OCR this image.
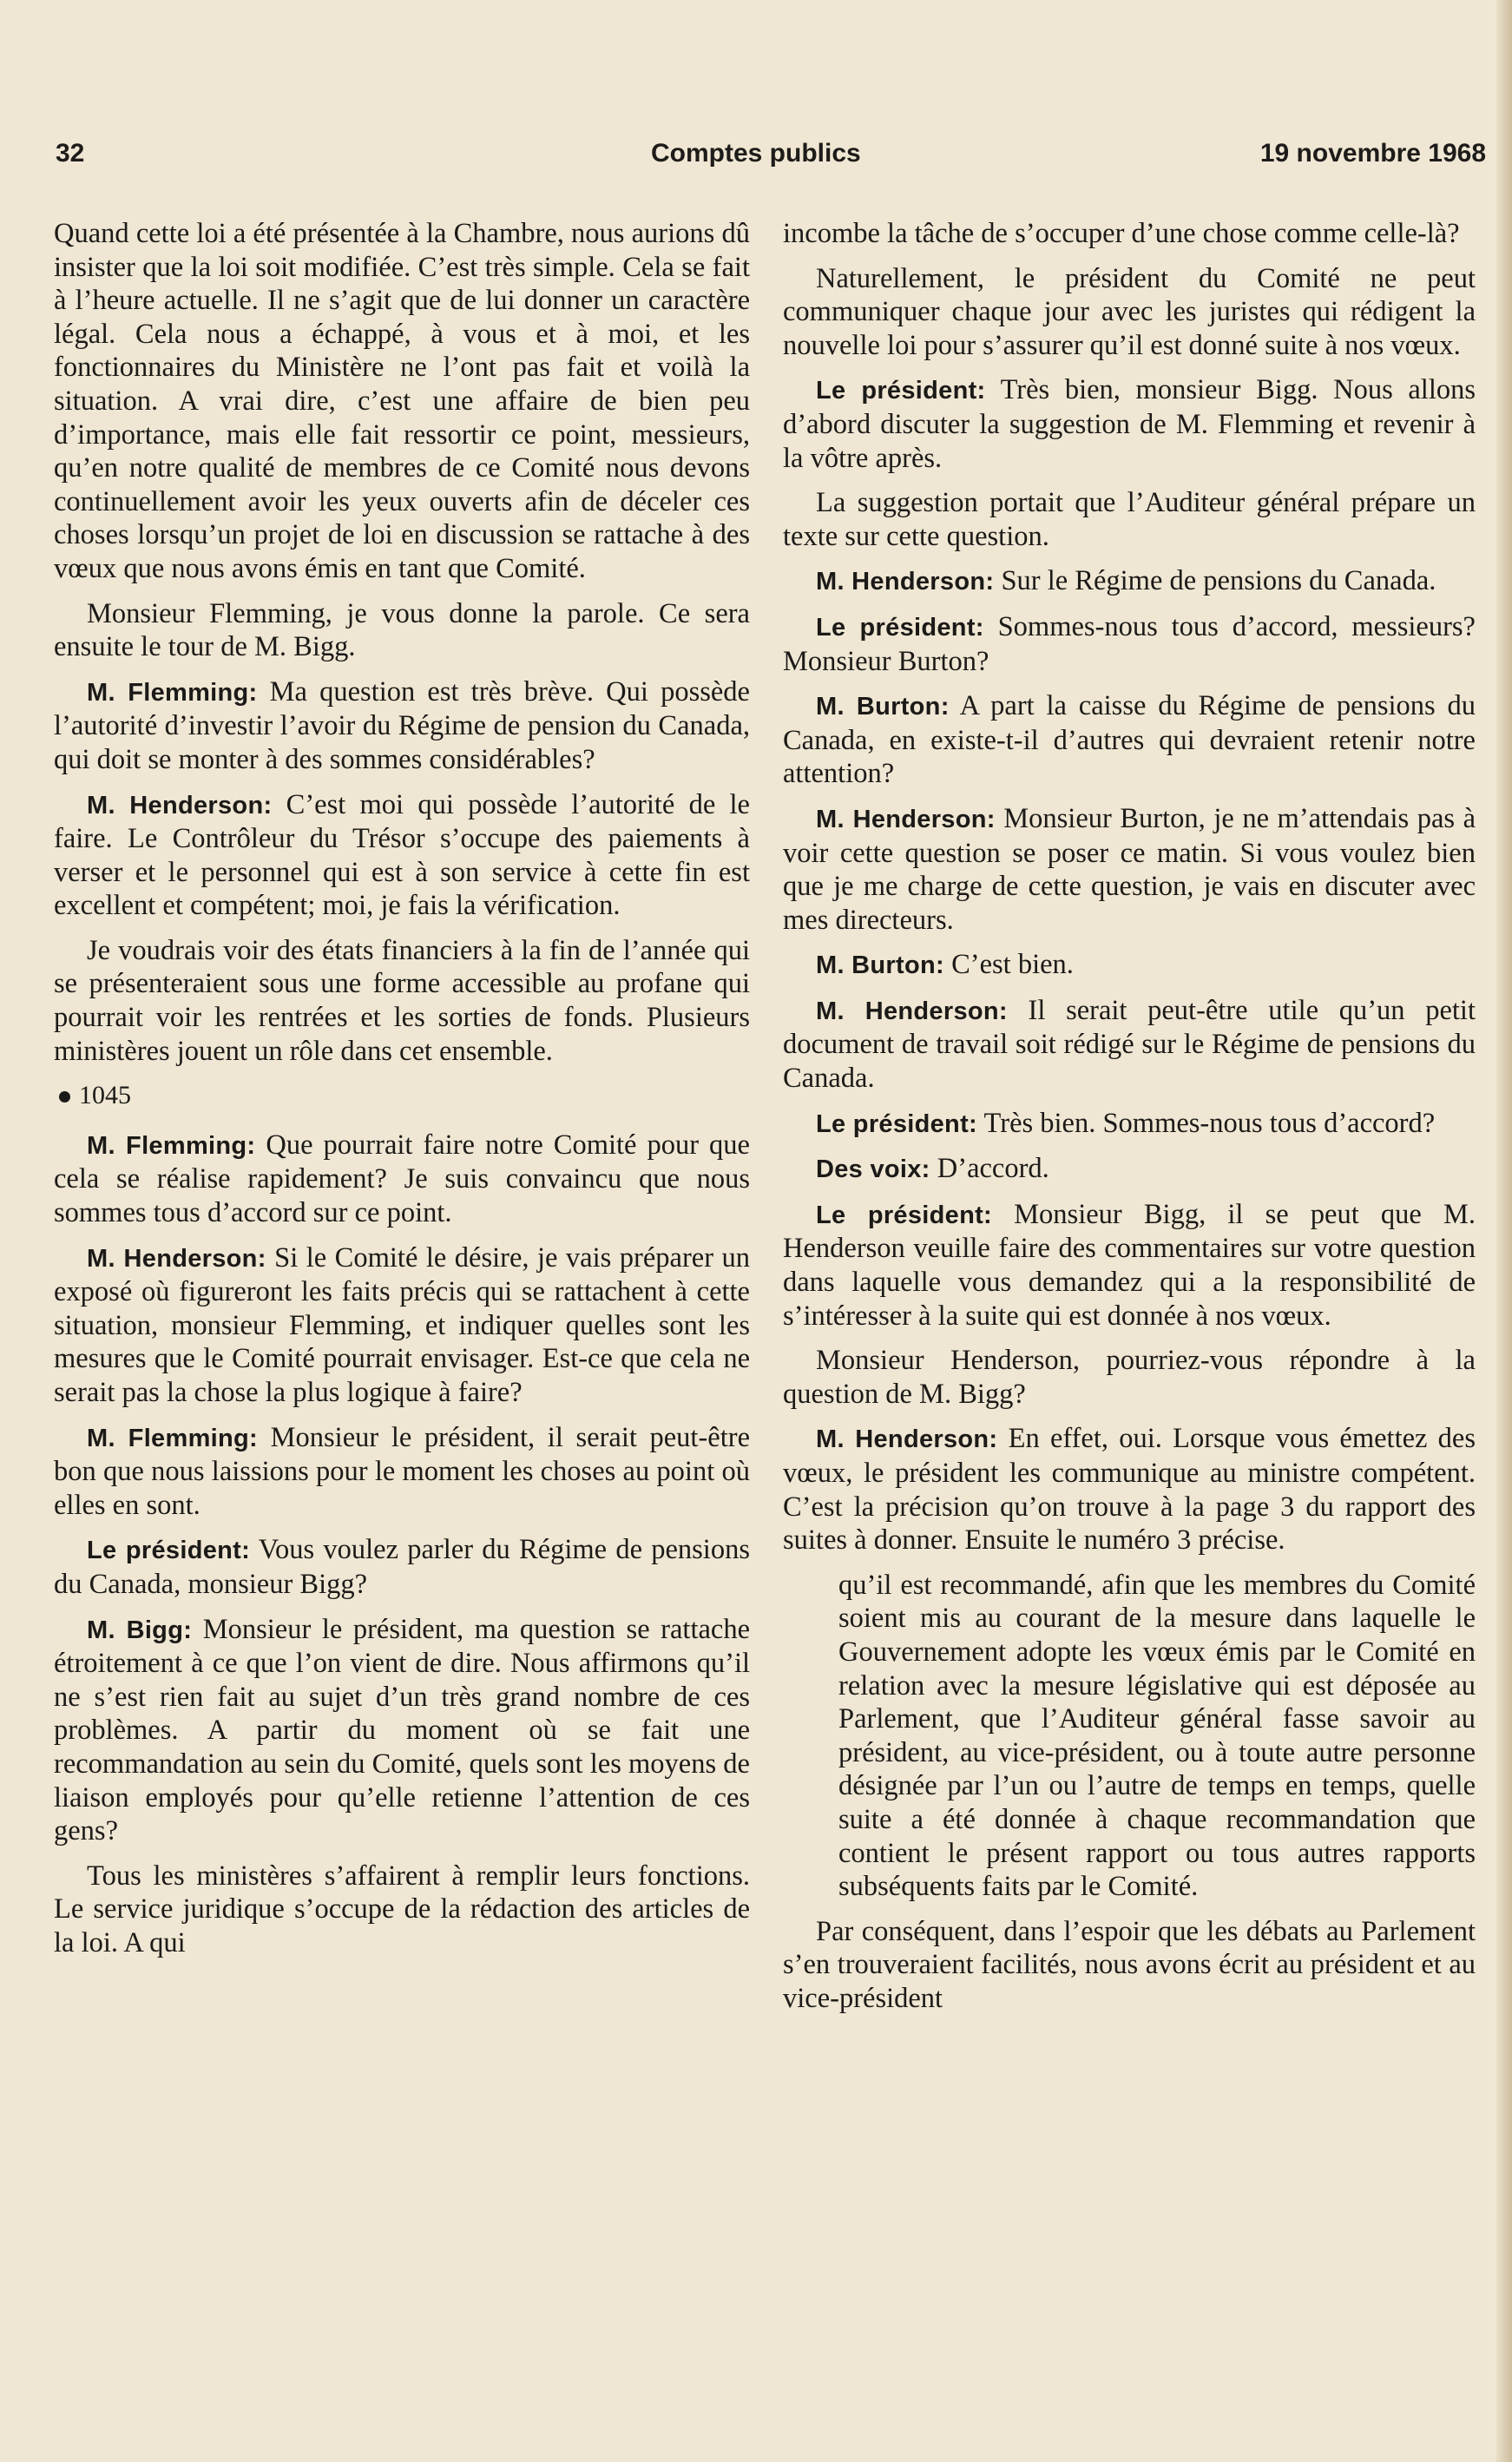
32	Comptes publics	19 novembre 1968

Quand cette loi a été présentée à la Chambre, nous aurions dû insister que la loi soit modifiée. C’est très simple. Cela se fait à l’heure actuelle. Il ne s’agit que de lui donner un caractère légal. Cela nous a échappé, à vous et à moi, et les fonctionnaires du Ministère ne l’ont pas fait et voilà la situation. A vrai dire, c’est une affaire de bien peu d’importance, mais elle fait ressortir ce point, messieurs, qu’en notre qualité de membres de ce Comité nous devons continuellement avoir les yeux ouverts afin de déceler ces choses lorsqu’un projet de loi en discussion se rattache à des vœux que nous avons émis en tant que Comité.

Monsieur Flemming, je vous donne la parole. Ce sera ensuite le tour de M. Bigg.

M. Flemming: Ma question est très brève. Qui possède l’autorité d’investir l’avoir du Régime de pension du Canada, qui doit se monter à des sommes considérables?

M. Henderson: C’est moi qui possède l’autorité de le faire. Le Contrôleur du Trésor s’occupe des paiements à verser et le personnel qui est à son service à cette fin est excellent et compétent; moi, je fais la vérification.

Je voudrais voir des états financiers à la fin de l’année qui se présenteraient sous une forme accessible au profane qui pourrait voir les rentrées et les sorties de fonds. Plusieurs ministères jouent un rôle dans cet ensemble.

1045

M. Flemming: Que pourrait faire notre Comité pour que cela se réalise rapidement? Je suis convaincu que nous sommes tous d’accord sur ce point.

M. Henderson: Si le Comité le désire, je vais préparer un exposé où figureront les faits précis qui se rattachent à cette situation, monsieur Flemming, et indiquer quelles sont les mesures que le Comité pourrait envisager. Est-ce que cela ne serait pas la chose la plus logique à faire?

M. Flemming: Monsieur le président, il serait peut-être bon que nous laissions pour le moment les choses au point où elles en sont.

Le président: Vous voulez parler du Régime de pensions du Canada, monsieur Bigg?

M. Bigg: Monsieur le président, ma question se rattache étroitement à ce que l’on vient de dire. Nous affirmons qu’il ne s’est rien fait au sujet d’un très grand nombre de ces problèmes. A partir du moment où se fait une recommandation au sein du Comité, quels sont les moyens de liaison employés pour qu’elle retienne l’attention de ces gens?

Tous les ministères s’affairent à remplir leurs fonctions. Le service juridique s’occupe de la rédaction des articles de la loi. A qui

incombe la tâche de s’occuper d’une chose comme celle-là?

Naturellement, le président du Comité ne peut communiquer chaque jour avec les juristes qui rédigent la nouvelle loi pour s’assurer qu’il est donné suite à nos vœux.

Le président: Très bien, monsieur Bigg. Nous allons d’abord discuter la suggestion de M. Flemming et revenir à la vôtre après.

La suggestion portait que l’Auditeur général prépare un texte sur cette question.

M. Henderson: Sur le Régime de pensions du Canada.

Le président: Sommes-nous tous d’accord, messieurs? Monsieur Burton?

M. Burton: A part la caisse du Régime de pensions du Canada, en existe-t-il d’autres qui devraient retenir notre attention?

M. Henderson: Monsieur Burton, je ne m’attendais pas à voir cette question se poser ce matin. Si vous voulez bien que je me charge de cette question, je vais en discuter avec mes directeurs.

M. Burton: C’est bien.

M. Henderson: Il serait peut-être utile qu’un petit document de travail soit rédigé sur le Régime de pensions du Canada.

Le président: Très bien. Sommes-nous tous d’accord?

Des voix: D’accord.

Le président: Monsieur Bigg, il se peut que M. Henderson veuille faire des commentaires sur votre question dans laquelle vous demandez qui a la responsibilité de s’intéresser à la suite qui est donnée à nos vœux.

Monsieur Henderson, pourriez-vous répondre à la question de M. Bigg?

M. Henderson: En effet, oui. Lorsque vous émettez des vœux, le président les communique au ministre compétent. C’est la précision qu’on trouve à la page 3 du rapport des suites à donner. Ensuite le numéro 3 précise.

qu’il est recommandé, afin que les membres du Comité soient mis au courant de la mesure dans laquelle le Gouvernement adopte les vœux émis par le Comité en relation avec la mesure législative qui est déposée au Parlement, que l’Auditeur général fasse savoir au président, au vice-président, ou à toute autre personne désignée par l’un ou l’autre de temps en temps, quelle suite a été donnée à chaque recommandation que contient le présent rapport ou tous autres rapports subséquents faits par le Comité.

Par conséquent, dans l’espoir que les débats au Parlement s’en trouveraient facilités, nous avons écrit au président et au vice-président
